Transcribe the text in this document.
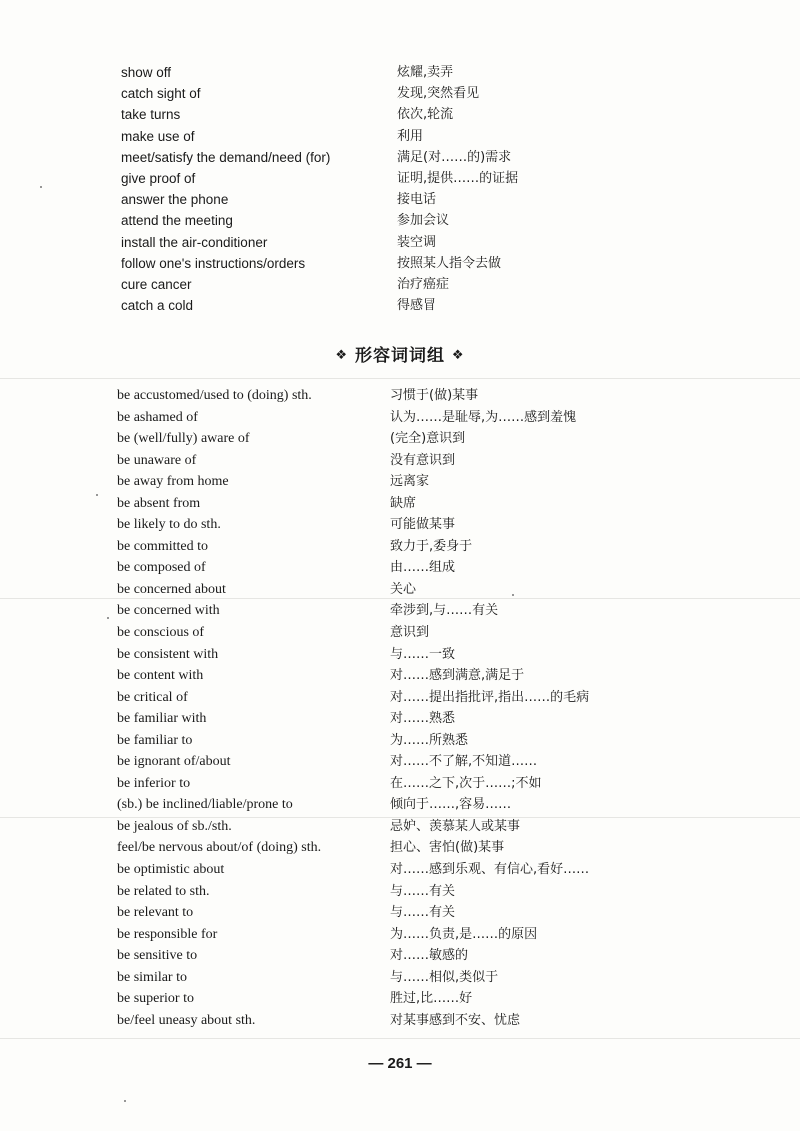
show off	炫耀,卖弄
catch sight of	发现,突然看见
take turns	依次,轮流
make use of	利用
meet/satisfy the demand/need (for)	满足(对……的)需求
give proof of	证明,提供……的证据
answer the phone	接电话
attend the meeting	参加会议
install the air-conditioner	装空调
follow one's instructions/orders	按照某人指令去做
cure cancer	治疗癌症
catch a cold	得感冒
❖ 形容词词组 ❖
be accustomed/used to (doing) sth.	习惯于(做)某事
be ashamed of	认为……是耻辱,为……感到羞愧
be (well/fully) aware of	(完全)意识到
be unaware of	没有意识到
be away from home	远离家
be absent from	缺席
be likely to do sth.	可能做某事
be committed to	致力于,委身于
be composed of	由……组成
be concerned about	关心
be concerned with	牵涉到,与……有关
be conscious of	意识到
be consistent with	与……一致
be content with	对……感到满意,满足于
be critical of	对……提出指批评,指出……的毛病
be familiar with	对……熟悉
be familiar to	为……所熟悉
be ignorant of/about	对……不了解,不知道……
be inferior to	在……之下,次于……;不如
(sb.) be inclined/liable/prone to	倾向于……,容易……
be jealous of sb./sth.	忌妒、羡慕某人或某事
feel/be nervous about/of (doing) sth.	担心、害怕(做)某事
be optimistic about	对……感到乐观、有信心,看好……
be related to sth.	与……有关
be relevant to	与……有关
be responsible for	为……负责,是……的原因
be sensitive to	对……敏感的
be similar to	与……相似,类似于
be superior to	胜过,比……好
be/feel uneasy about sth.	对某事感到不安、忧虑
— 261 —
